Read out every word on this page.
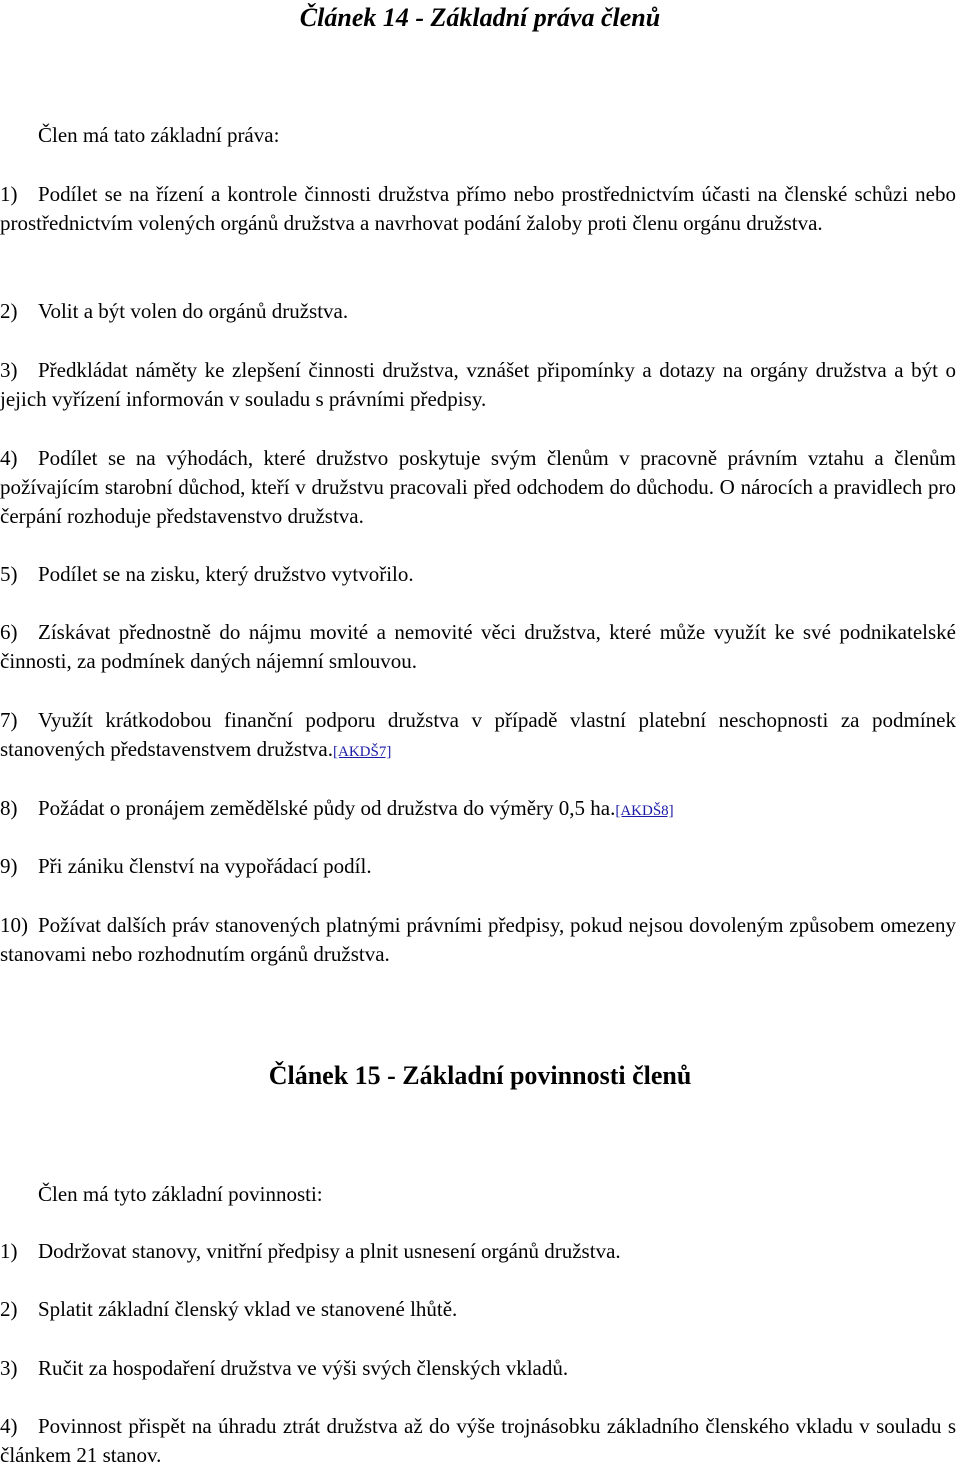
Článek 14 - Základní práva členů

Člen má tato základní práva:

1) Podílet se na řízení a kontrole činnosti družstva přímo nebo prostřednictvím účasti na členské schůzi nebo prostřednictvím volených orgánů družstva a navrhovat podání žaloby proti členu orgánu družstva.

2) Volit a být volen do orgánů družstva.

3) Předkládat náměty ke zlepšení činnosti družstva, vznášet připomínky a dotazy na orgány družstva a být o jejich vyřízení informován v souladu s právními předpisy.

4) Podílet se na výhodách, které družstvo poskytuje svým členům v pracovně právním vztahu a členům požívajícím starobní důchod, kteří v družstvu pracovali před odchodem do důchodu. O nárocích a pravidlech pro čerpání rozhoduje představenstvo družstva.

5) Podílet se na zisku, který družstvo vytvořilo.

6) Získávat přednostně do nájmu movité a nemovité věci družstva, které může využít ke své podnikatelské činnosti, za podmínek daných nájemní smlouvou.

7) Využít krátkodobou finanční podporu družstva v případě vlastní platební neschopnosti za podmínek stanovených představenstvem družstva.[AKDŠ7]

8) Požádat o pronájem zemědělské půdy od družstva do výměry 0,5 ha.[AKDŠ8]

9) Při zániku členství na vypořádací podíl.

10) Požívat dalších práv stanovených platnými právními předpisy, pokud nejsou dovoleným způsobem omezeny stanovami nebo rozhodnutím orgánů družstva.

Článek 15 - Základní povinnosti členů

Člen má tyto základní povinnosti:

1) Dodržovat stanovy, vnitřní předpisy a plnit usnesení orgánů družstva.

2) Splatit základní členský vklad ve stanovené lhůtě.

3) Ručit za hospodaření družstva ve výši svých členských vkladů.

4) Povinnost přispět na úhradu ztrát družstva až do výše trojnásobku základního členského vkladu v souladu s článkem 21 stanov.
